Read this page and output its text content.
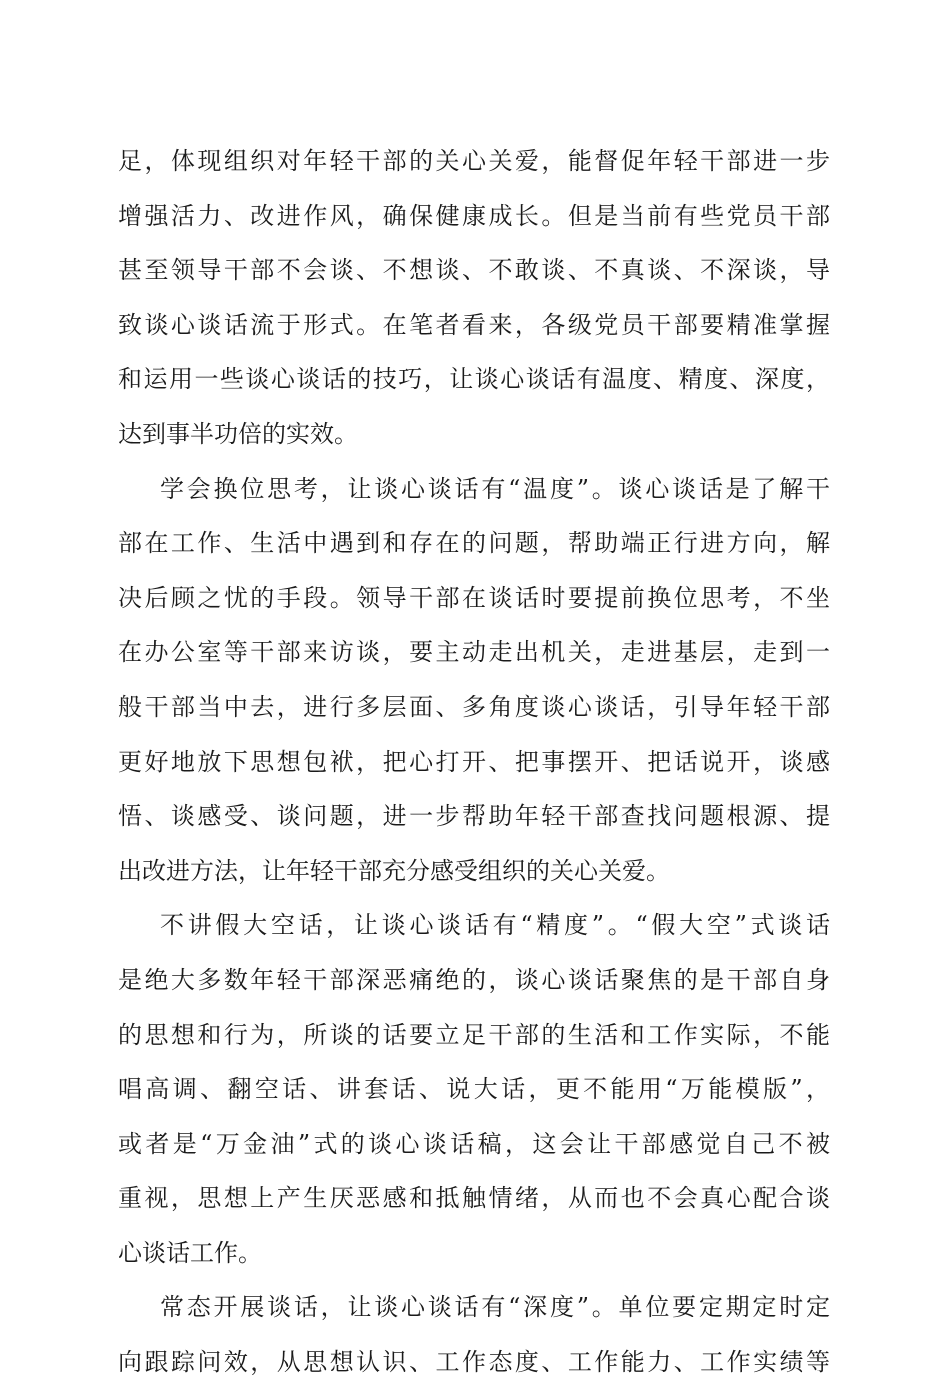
足，体现组织对年轻干部的关心关爱，能督促年轻干部进一步
增强活力、改进作风，确保健康成长。但是当前有些党员干部
甚至领导干部不会谈、不想谈、不敢谈、不真谈、不深谈，导
致谈心谈话流于形式。在笔者看来，各级党员干部要精准掌握
和运用一些谈心谈话的技巧，让谈心谈话有温度、精度、深度，
达到事半功倍的实效。
学会换位思考，让谈心谈话有“温度”。谈心谈话是了解干
部在工作、生活中遇到和存在的问题，帮助端正行进方向，解
决后顾之忧的手段。领导干部在谈话时要提前换位思考，不坐
在办公室等干部来访谈，要主动走出机关，走进基层，走到一
般干部当中去，进行多层面、多角度谈心谈话，引导年轻干部
更好地放下思想包袱，把心打开、把事摆开、把话说开，谈感
悟、谈感受、谈问题，进一步帮助年轻干部查找问题根源、提
出改进方法，让年轻干部充分感受组织的关心关爱。
不讲假大空话，让谈心谈话有“精度”。“假大空”式谈话
是绝大多数年轻干部深恶痛绝的，谈心谈话聚焦的是干部自身
的思想和行为，所谈的话要立足干部的生活和工作实际，不能
唱高调、翻空话、讲套话、说大话，更不能用“万能模版”，
或者是“万金油”式的谈心谈话稿，这会让干部感觉自己不被
重视，思想上产生厌恶感和抵触情绪，从而也不会真心配合谈
心谈话工作。
常态开展谈话，让谈心谈话有“深度”。单位要定期定时定
向跟踪问效，从思想认识、工作态度、工作能力、工作实绩等
